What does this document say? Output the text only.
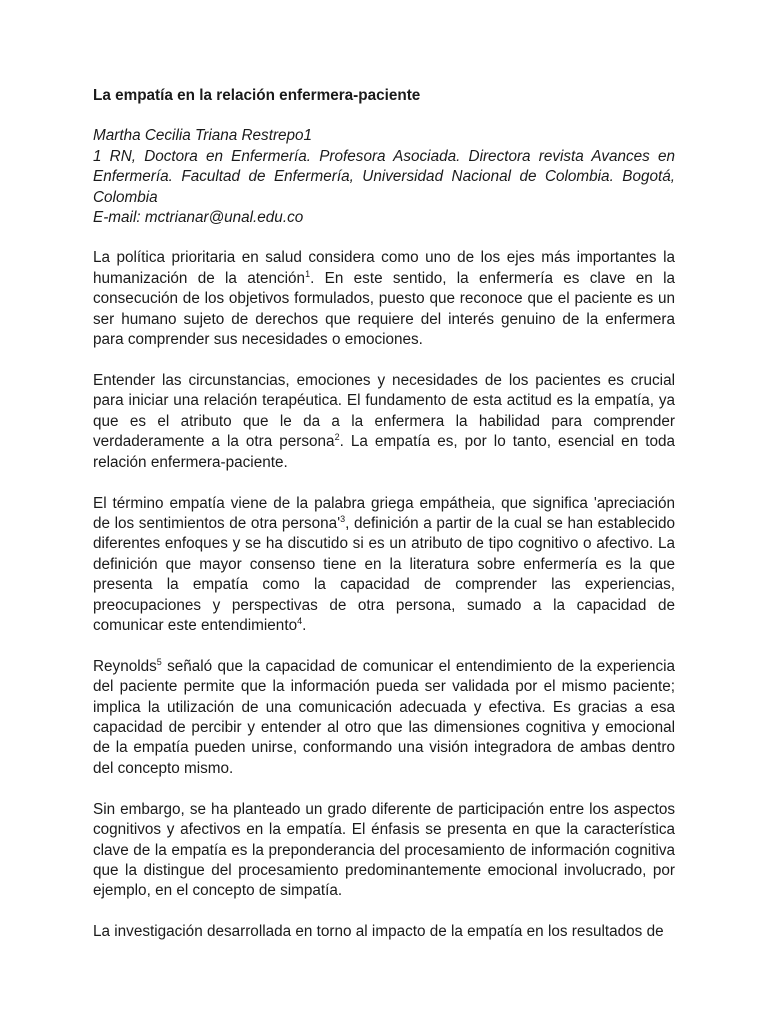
La empatía en la relación enfermera-paciente
Martha Cecilia Triana Restrepo1
1 RN, Doctora en Enfermería. Profesora Asociada. Directora revista Avances en Enfermería. Facultad de Enfermería, Universidad Nacional de Colombia. Bogotá, Colombia
E-mail: mctrianar@unal.edu.co

La política prioritaria en salud considera como uno de los ejes más importantes la humanización de la atención$^1$. En este sentido, la enfermería es clave en la consecución de los objetivos formulados, puesto que reconoce que el paciente es un ser humano sujeto de derechos que requiere del interés genuino de la enfermera para comprender sus necesidades o emociones.

Entender las circunstancias, emociones y necesidades de los pacientes es crucial para iniciar una relación terapéutica. El fundamento de esta actitud es la empatía, ya que es el atributo que le da a la enfermera la habilidad para comprender verdaderamente a la otra persona$^2$. La empatía es, por lo tanto, esencial en toda relación enfermera-paciente.

El término empatía viene de la palabra griega empátheia, que significa 'apreciación de los sentimientos de otra $persona'^3$, definición a partir de la cual se han establecido diferentes enfoques y se ha discutido si es un atributo de tipo cognitivo o afectivo. La definición que mayor consenso tiene en la literatura sobre enfermería es la que presenta la empatía como la capacidad de comprender las experiencias, preocupaciones y perspectivas de otra persona, sumado a la capacidad de comunicar este entendimiento$^4$.

Reynolds$^5$ señaló que la capacidad de comunicar el entendimiento de la experiencia del paciente permite que la información pueda ser validada por el mismo paciente; implica la utilización de una comunicación adecuada y efectiva. Es gracias a esa capacidad de percibir y entender al otro que las dimensiones cognitiva y emocional de la empatía pueden unirse, conformando una visión integradora de ambas dentro del concepto mismo.

Sin embargo, se ha planteado un grado diferente de participación entre los aspectos cognitivos y afectivos en la empatía. El énfasis se presenta en que la característica clave de la empatía es la preponderancia del procesamiento de información cognitiva que la distingue del procesamiento predominantemente emocional involucrado, por ejemplo, en el concepto de simpatía.

La investigación desarrollada en torno al impacto de la empatía en los resultados de
